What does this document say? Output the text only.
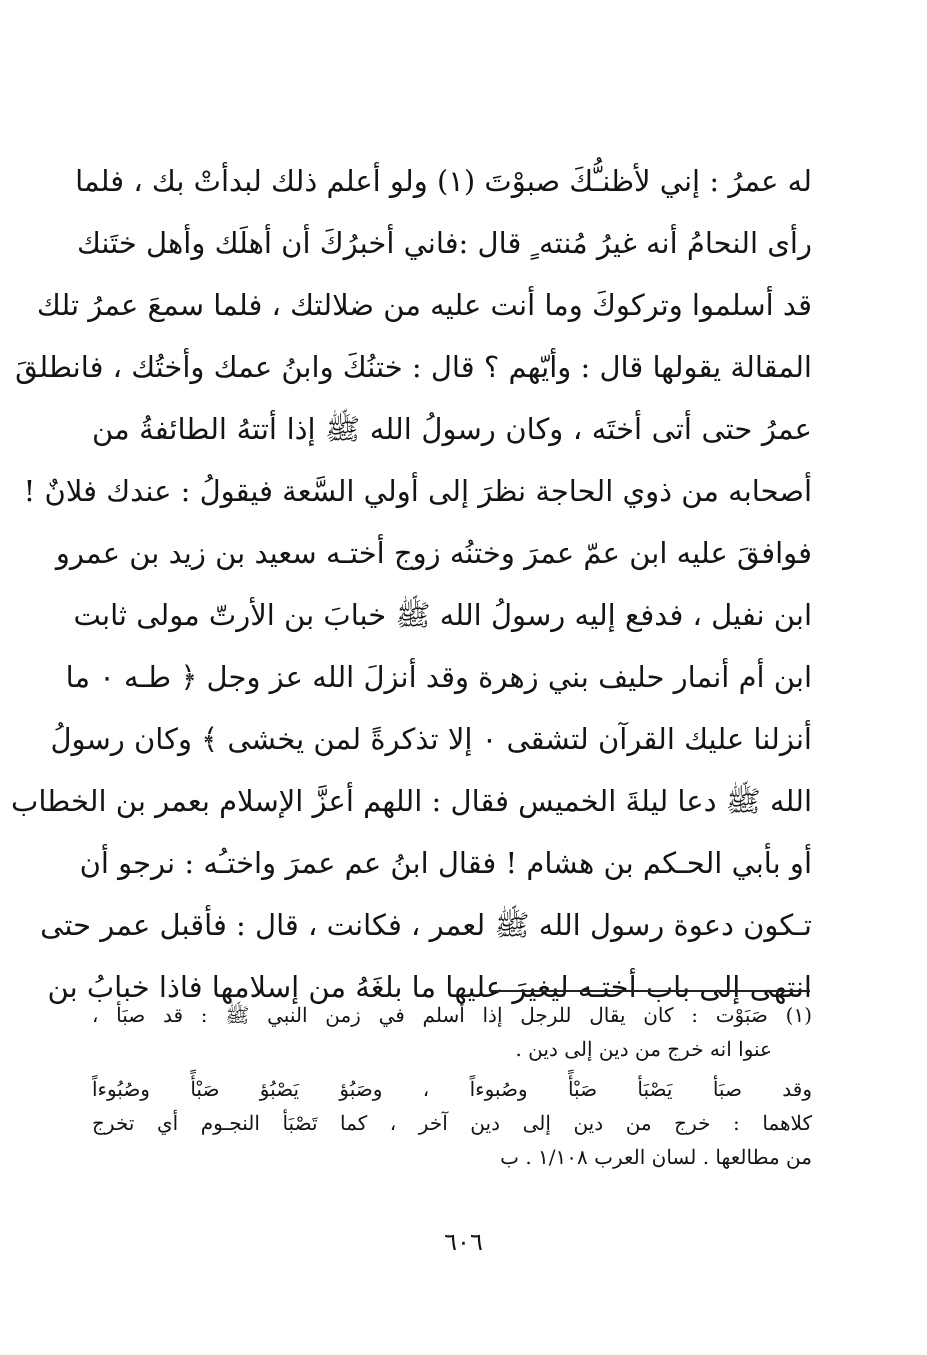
له عمرُ : إني لأظنـُّكَ صبوْتَ (١) ولو أعلم ذلك لبدأتْ بك ، فلما
رأى النحامُ أنه غيرُ مُنته ٍ قال :فاني أخبرُكَ أن أهلَك وأهل ختَنك
قد أسلموا وتركوكَ وما أنت عليه من ضلالتك ، فلما سمعَ عمرُ تلك
المقالة يقولها قال : وأيّهم ؟ قال : ختنُكَ وابنُ عمك وأختُك ، فانطلقَ
عمرُ حتى أتى أختَه ، وكان رسولُ الله ﷺ إذا أتتهُ الطائفةُ من
أصحابه من ذوي الحاجة نظرَ إلى أولي السَّعة فيقولُ : عندك فلانٌ !
فوافقَ عليه ابن عمّ عمرَ وختنُه زوج أختـه سعيد بن زيد بن عمرو
ابن نفيل ، فدفع إليه رسولُ الله ﷺ خبابَ بن الأرتّ مولى ثابت
ابن أم أنمار حليف بني زهرة وقد أنزلَ الله عز وجل ﴿ طـه ۰ ما
أنزلنا عليك القرآن لتشقى ۰ إلا تذكرةً لمن يخشى ﴾ وكان رسولُ
الله ﷺ دعا ليلةَ الخميس فقال : اللهم أعزَّ الإسلام بعمر بن الخطاب
أو بأبي الحـكم بن هشام ! فقال ابنُ عم عمرَ واختـُه : نرجو أن
تـكون دعوة رسول الله ﷺ لعمر ، فكانت ، قال : فأقبل عمر حتى
انتهى إلى باب أختـه ليغيرَ عليها ما بلغَهُ من إسلامها فاذا خبابُ بن
(١) صَبَوْت : كان يقال للرجل إذا أسلم في زمن النبي ﷺ : قد صبَأ ،
عنوا انه خرج من دين إلى دين .
وقد صبَأ يَصْبَأ صَبْأً وصُبوءاً ، وصَبُؤ يَصْبُؤ صَبْأً وصُبُوءاً
كلاهما : خرج من دين إلى دين آخر ، كما تَصْبَأ النجـوم أي تخرج
من مطالعها . لسان العرب ١/١٠٨ . ب
٦٠٦
